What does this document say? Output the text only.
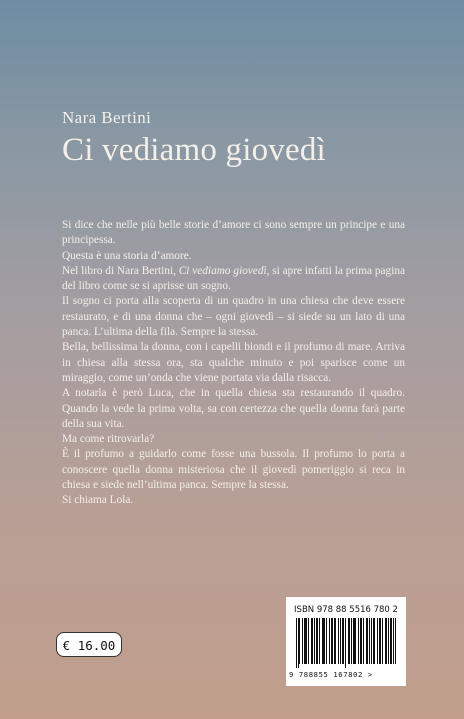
Nara Bertini
Ci vediamo giovedì

Si dice che nelle più belle storie d’amore ci sono sempre un principe e una principessa.

Questa è una storia d’amore.

Nel libro di Nara Bertini, Ci vediamo giovedì, si apre infatti la prima pagina del libro come se si aprisse un sogno.

Il sogno ci porta alla scoperta di un quadro in una chiesa che deve essere restaurato, e di una donna che – ogni giovedì – si siede su un lato di una panca. L’ultima della fila. Sempre la stessa.

Bella, bellissima la donna, con i capelli biondi e il profumo di mare. Arriva in chiesa alla stessa ora, sta qualche minuto e poi sparisce come un miraggio, come un’onda che viene portata via dalla risacca.

A notarla è però Luca, che in quella chiesa sta restaurando il quadro. Quando la vede la prima volta, sa con certezza che quella donna farà parte della sua vita.

Ma come ritrovarla?

È il profumo a guidarlo come fosse una bussola. Il profumo lo porta a conoscere quella donna misteriosa che il giovedì pomeriggio si reca in chiesa e siede nell’ultima panca. Sempre la stessa.

Si chiama Lola.

ISBN 978 88 5516 780 2
9 788855 167802 >
€ 16.00
